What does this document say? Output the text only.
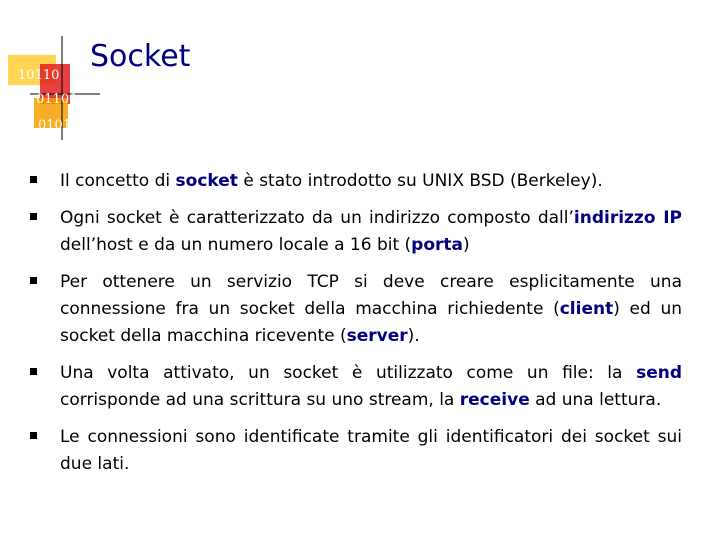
10110
01100
01011
Socket
Il concetto di socket è stato introdotto su UNIX BSD (Berkeley).
Ogni socket è caratterizzato da un indirizzo composto dall’indirizzo IP dell’host e da un numero locale a 16 bit (porta)
Per ottenere un servizio TCP si deve creare esplicitamente una connessione fra un socket della macchina richiedente (client) ed un socket della macchina ricevente (server).
Una volta attivato, un socket è utilizzato come un file: la send corrisponde ad una scrittura su uno stream, la receive ad una lettura.
Le connessioni sono identificate tramite gli identificatori dei socket sui due lati.
